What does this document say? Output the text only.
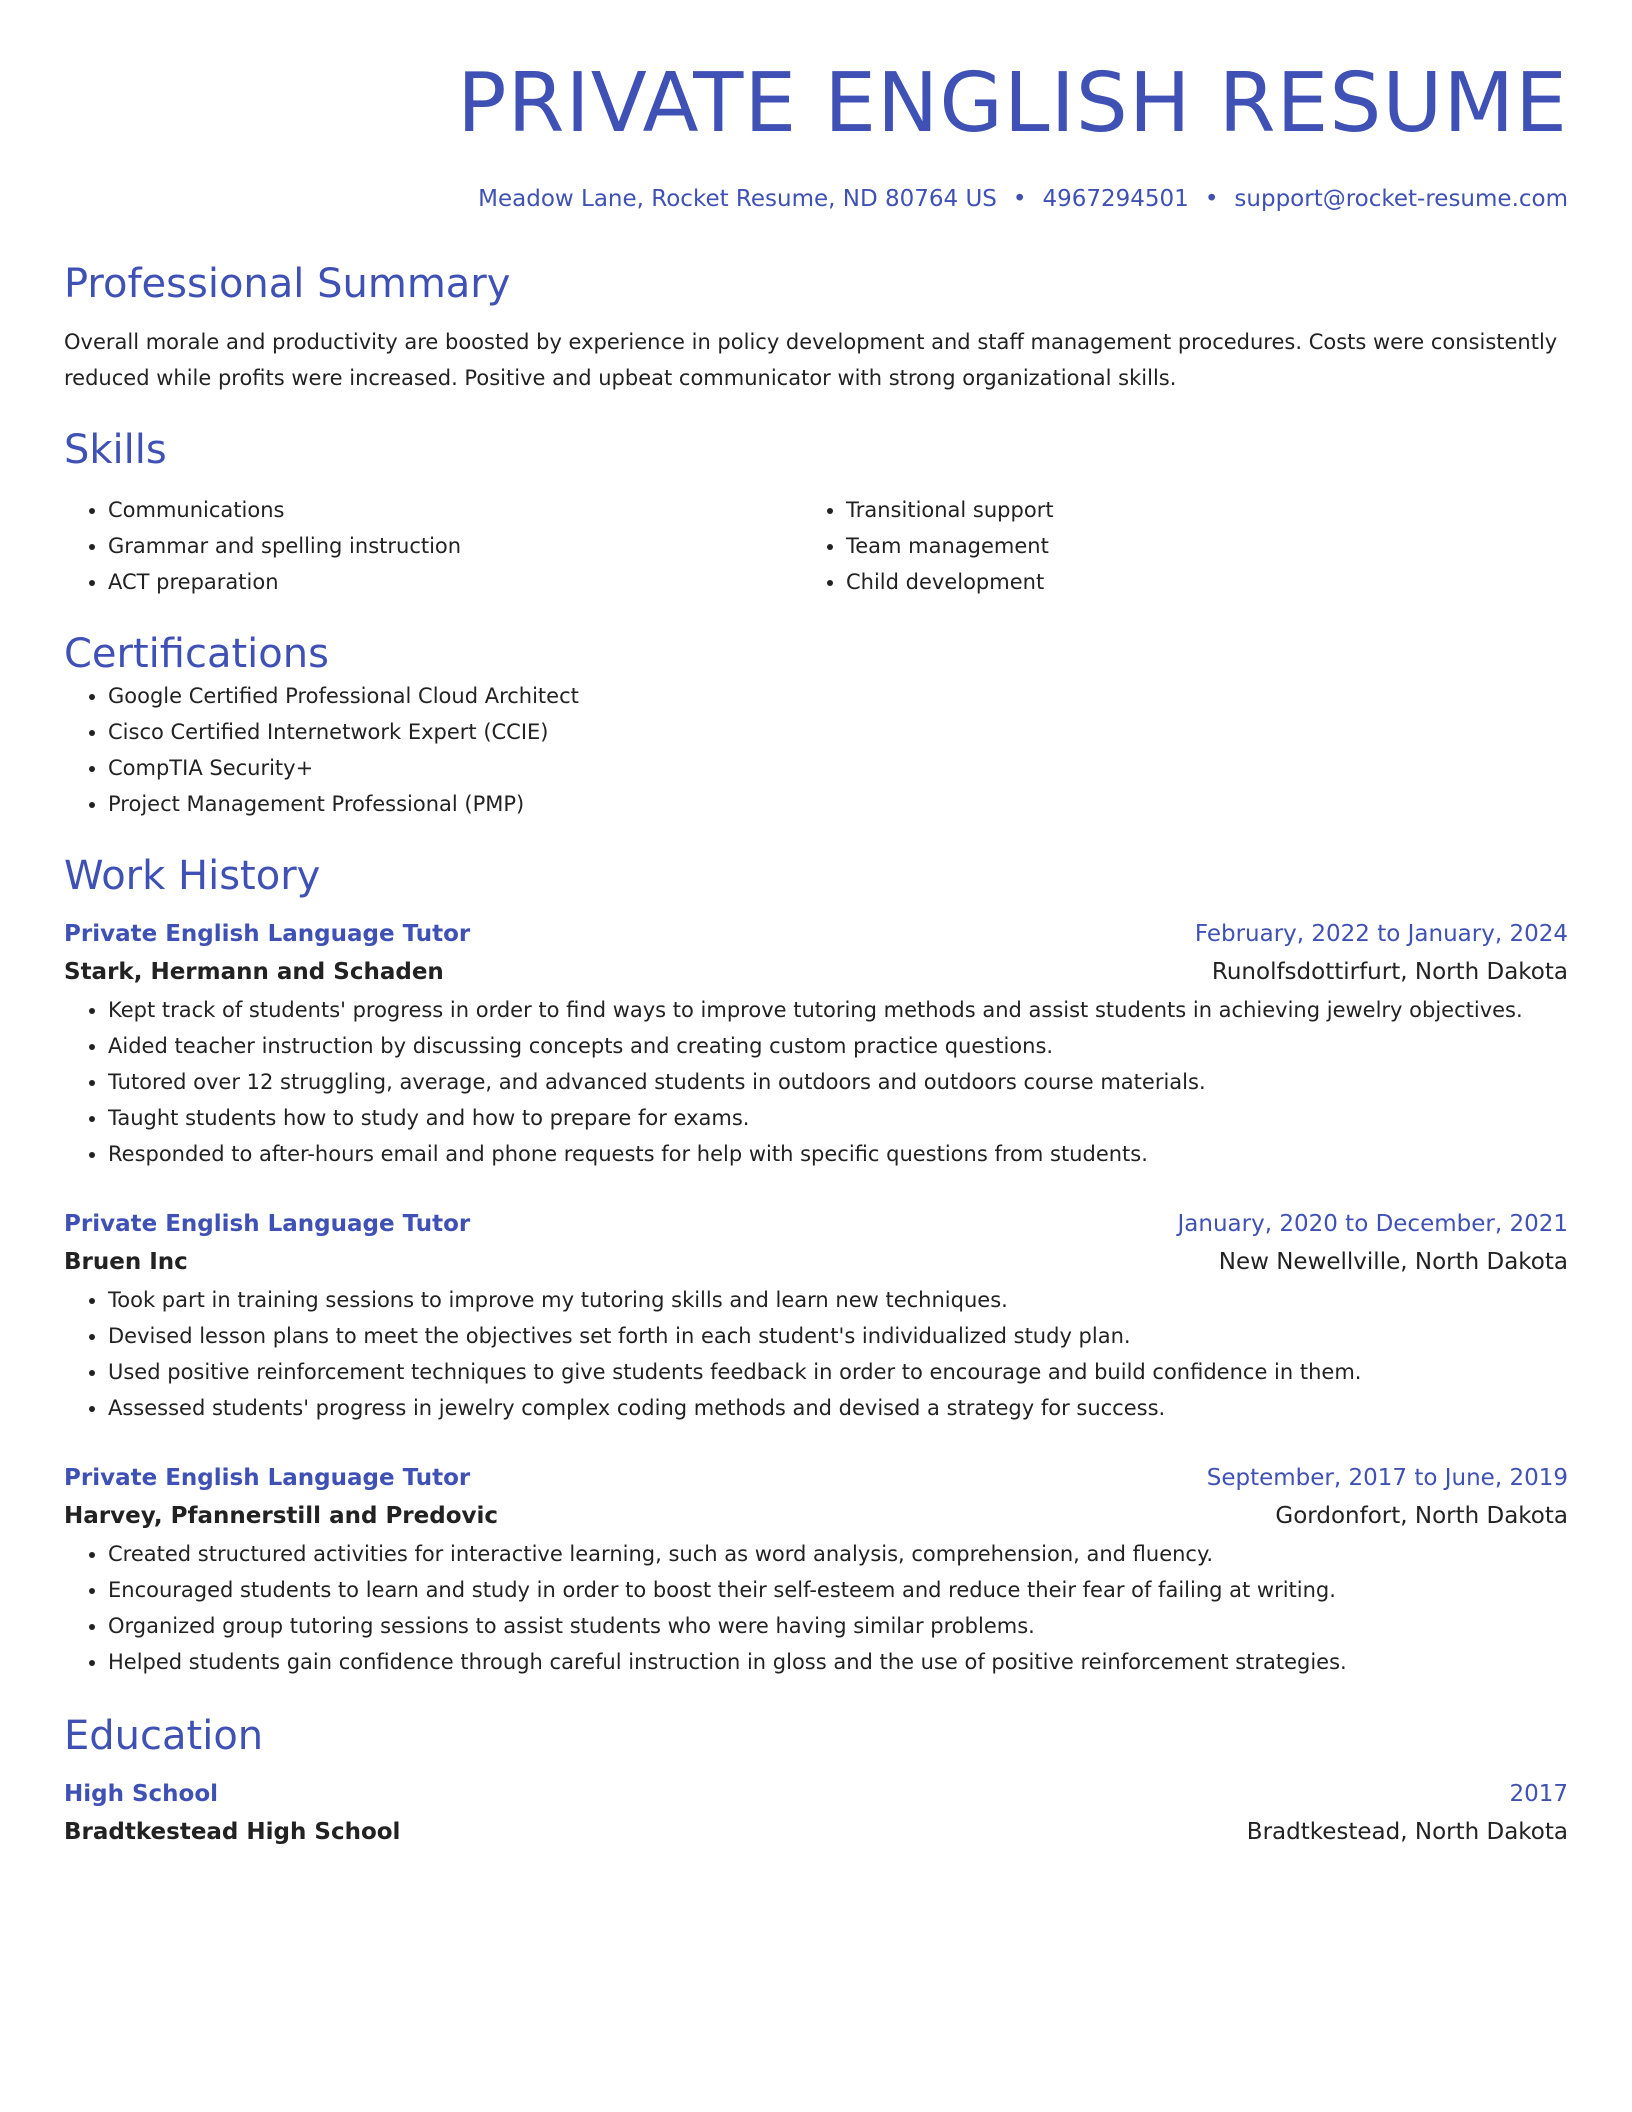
PRIVATE ENGLISH RESUME
Meadow Lane, Rocket Resume, ND 80764 US • 4967294501 • support@rocket-resume.com
Professional Summary

Overall morale and productivity are boosted by experience in policy development and staff management procedures. Costs were consistently reduced while profits were increased. Positive and upbeat communicator with strong organizational skills.

Skills
• Communications
• Grammar and spelling instruction
• ACT preparation
• Transitional support
• Team management
• Child development
Certifications
• Google Certified Professional Cloud Architect
• Cisco Certified Internetwork Expert (CCIE)
• CompTIA Security+
• Project Management Professional (PMP)
Work History
Private English Language Tutor	February, 2022 to January, 2024
Stark, Hermann and Schaden	Runolfsdottirfurt, North Dakota
• Kept track of students' progress in order to find ways to improve tutoring methods and assist students in achieving jewelry objectives.
• Aided teacher instruction by discussing concepts and creating custom practice questions.
• Tutored over 12 struggling, average, and advanced students in outdoors and outdoors course materials.
• Taught students how to study and how to prepare for exams.
• Responded to after-hours email and phone requests for help with specific questions from students.
Private English Language Tutor	January, 2020 to December, 2021
Bruen Inc	New Newellville, North Dakota
• Took part in training sessions to improve my tutoring skills and learn new techniques.
• Devised lesson plans to meet the objectives set forth in each student's individualized study plan.
• Used positive reinforcement techniques to give students feedback in order to encourage and build confidence in them.
• Assessed students' progress in jewelry complex coding methods and devised a strategy for success.
Private English Language Tutor	September, 2017 to June, 2019
Harvey, Pfannerstill and Predovic	Gordonfort, North Dakota
• Created structured activities for interactive learning, such as word analysis, comprehension, and fluency.
• Encouraged students to learn and study in order to boost their self-esteem and reduce their fear of failing at writing.
• Organized group tutoring sessions to assist students who were having similar problems.
• Helped students gain confidence through careful instruction in gloss and the use of positive reinforcement strategies.
Education
High School	2017
Bradtkestead High School	Bradtkestead, North Dakota
